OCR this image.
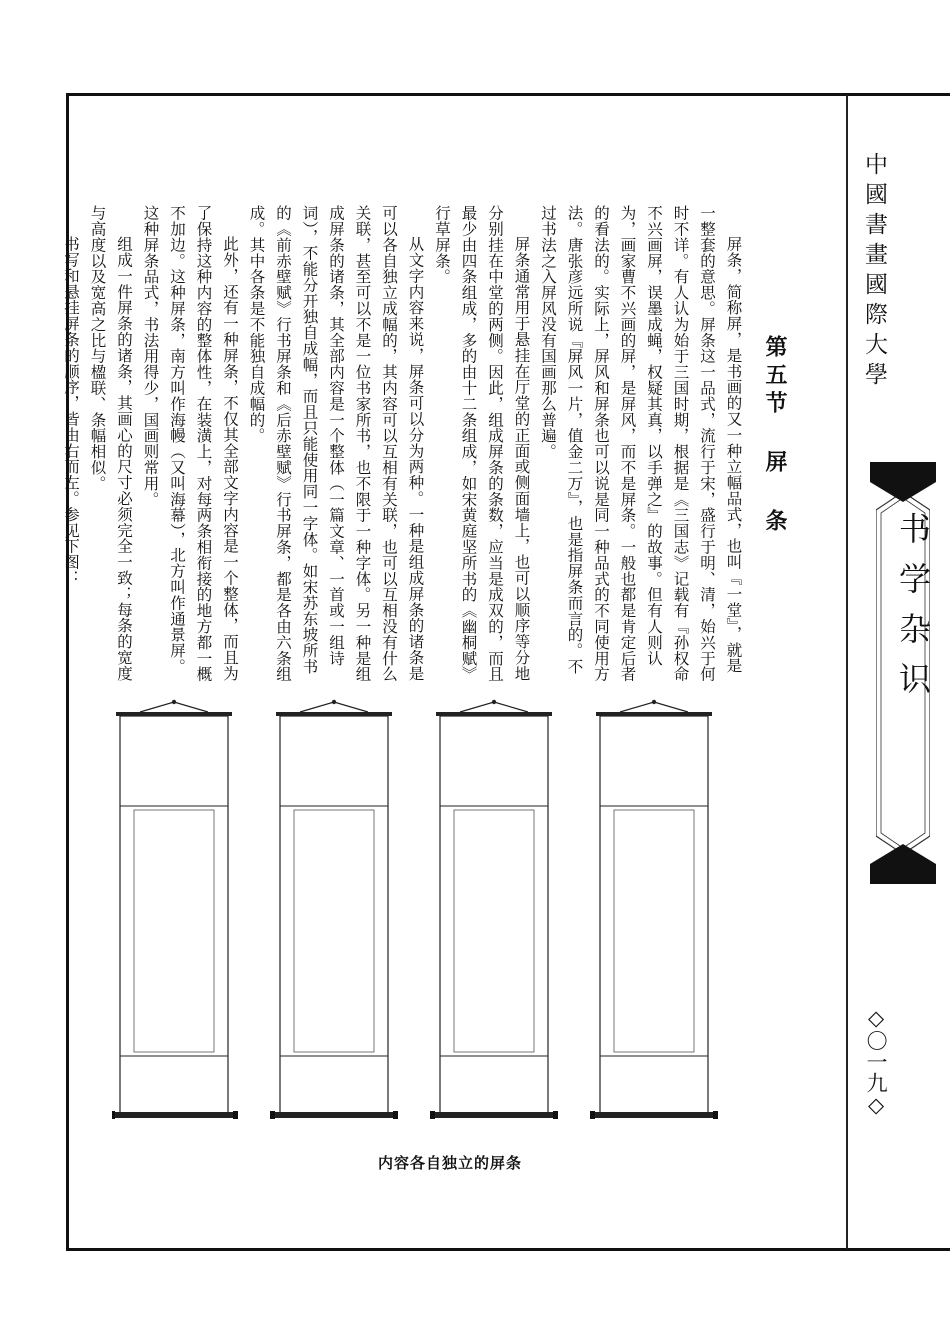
中國書畫國際大學
书学杂识
◇〇一九◇

第五节 屏 条

屏条，简称屏，是书画的又一种立幅品式，也叫『一堂』，就是一整套的意思。屏条这一品式，流行于宋，盛行于明、清，始兴于何时不详。有人认为始于三国时期，根据是《三国志》记载有『孙权命不兴画屏，误墨成蝇，权疑其真，以手弹之』的故事。但有人则认为，画家曹不兴画的屏，是屏风，而不是屏条。一般也都是肯定后者的看法的。实际上，屏风和屏条也可以说是同一种品式的不同使用方法。唐张彦远所说『屏风一片，值金二万』，也是指屏条而言的。不过书法之入屏风没有国画那么普遍。

屏条通常用于悬挂在厅堂的正面或侧面墙上，也可以顺序等分地分别挂在中堂的两侧。因此，组成屏条的条数，应当是成双的，而且最少由四条组成，多的由十二条组成，如宋黄庭坚所书的《幽桐赋》行草屏条。

从文字内容来说，屏条可以分为两种。一种是组成屏条的诸条是可以各自独立成幅的，其内容可以互相有关联，也可以互相没有什么关联，甚至可以不是一位书家所书，也不限于一种字体。另一种是组成屏条的诸条，其全部内容是一个整体（一篇文章、一首或一组诗词），不能分开独自成幅，而且只能使用同一字体。如宋苏东坡所书的《前赤壁赋》行书屏条和《后赤壁赋》行书屏条，都是各由六条组成。其中各条是不能独自成幅的。

此外，还有一种屏条，不仅其全部文字内容是一个整体，而且为了保持这种内容的整体性，在装潢上，对每两条相衔接的地方都一概不加边。这种屏条，南方叫作海幔（又叫海幕），北方叫作通景屏。这种屏条品式，书法用得少，国画则常用。

组成一件屏条的诸条，其画心的尺寸必须完全一致；每条的宽度与高度以及宽高之比与楹联、条幅相似。

书写和悬挂屏条的顺序，皆由右而左。参见下图：

内容各自独立的屏条
